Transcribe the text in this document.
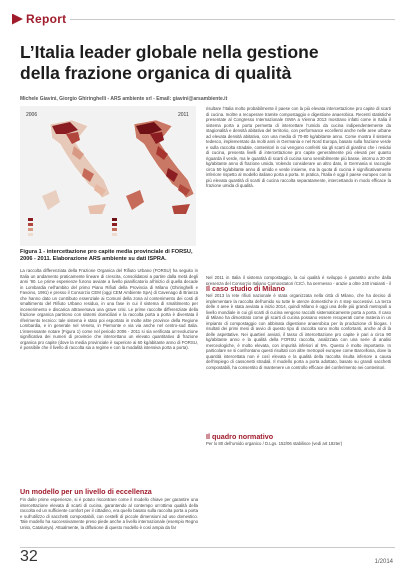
Report
L’Italia leader globale nella gestione
della frazione organica di qualità
Michele Giavini, Giorgio Ghiringhelli - ARS ambiente srl - Email: giavini@arsambiente.it
2006	2011
Figura 1 - intercettazione pro capite media provinciale di FORSU, 2006 - 2011. Elaborazione ARS ambiente su dati ISPRA.

La raccolta differenziata della Frazione Organica del Rifiuto Urbano (FORSU) ha seguito in Italia un andamento praticamente lineare di crescita, consolidatosi a partire dalla metà degli anni ’90. Le prime esperienze furono avviate a livello pianificatorio all’inizio di quella decade in Lombardia nell’ambito del primo Piano Rifiuti della Provincia di Milano (Ghiringhelli e Favoino, 1991) e presso il Consorzio CEM (oggi CEM Ambiente SpA) di Cavenago di Brianza che hanno dato un contributo essenziale ai Comuni della zona al contenimento dei costi di smaltimento del Rifiuto Urbano residuo, in una fase in cui il sistema di smaltimento per incenerimento e discarica attraversava una grave crisi. Le prime raccolte differenziate della frazione organica partirono con sistemi domiciliari e la raccolta porta a porta è diventata il riferimento tecnico: tale sistema è stato poi esportato in molte altre province della Regione Lombardia, e in generale nel Veneto, in Piemonte e via via anche nel centro-sud Italia. L’interessante notare (Figura 1) come nel periodo 2006 - 2011 si sia verificata un’evoluzione significativa dei numeri di provincie che intercettano un elevato quantitativo di frazione organica pro capite (dove la media provinciale è superiore ai 60 kg/abitante anno di FORSU, è possibile che il livello di raccolta sia a regime e con la modalità intensiva porta a porta).

Un modello per un livello di eccellenza

Fin dalle prime esperienze, si è potuto riscontrare come il modello chiave per garantire una intercettazione elevata di scarti di cucina, garantendo al contempo un’ottima qualità della raccolta ed un sufficiente comfort per il cittadino, era quello basato sulla raccolta porta a porta e sull’utilizzo di sacchetti compostabili, con cestelli di piccole dimensioni ad uso domestico. Tale modello ha successivamente preso piede anche a livello internazionale (esempio Regno Unito, Catalunya). Attualmente, la diffusione di questo modello è così ampia da far

risultare l’Italia molto probabilmente il paese con la più elevata intercettazione pro capite di scarti di cucina. Inoltre a recuperare tramite compostaggio e digestione anaerobica. Recenti statistiche presentate al Congresso Internazionale ISWA a Vienna 2013 mostrano infatti come in Italia il sistema porta a porta permetta di intercettare l’umido da cucina indipendentemente da stagionalità e densità abitativa del territorio, con performance eccellenti anche nelle aree urbane ad elevata densità abitativa, con una media di 70-80 kg/abitante anno. Come mostra il sistema tedesco, implementato da molti anni in Germania e nel Nord Europa, basato sulla frazione verde e sulla raccolta stradale, contenitori in cui vengono conferiti sia gli scarti di giardino che i residui di cucina, presenta livelli di intercettazione pro capite generalmente più elevati per quanto riguarda il verde, ma le quantità di scarti di cucina sono sensibilmente più basse, intorno a 20-30 kg/abitante anno di frazione umida. Volendo considerare un altro dato, in Germania si raccoglie circa 50 kg/abitante anno di umido e verde insieme, ma la quota di cucina è significativamente inferiore rispetto al modello italiano porta a porta. In pratica, l’Italia è oggi il paese europeo con la più elevata quantità di scarti di cucina raccolta separatamente, intercettando in modo efficace la frazione umida di qualità.

Nel 2011 in Italia il sistema compostaggio, la cui qualità è sviluppo è garantito anche dalla presenza del Consorzio Italiano Compostatori (CIC), ha permesso - grazie a oltre 240 impianti - il

Il caso studio di Milano

Nel 2013 la rete rifiuti nazionale è stata organizzata nella città di Milano, che ha deciso di implementare la raccolta dell’umido su tutte le utenze domestiche in 4 step successivi. La terza delle 4 aree è stata avviata a inizio 2014, quindi Milano è oggi una delle più grandi metropoli a livello mondiale in cui gli scarti di cucina vengono raccolti sistematicamente porta a porta. Il caso di Milano ha dimostrato come gli scarti di cucina possano essere recuperati come materia in un impianto di compostaggio con abbinata digestione anaerobica per la produzione di biogas. I risultati dei primi mesi di avvio di questo tipo di raccolta sono molto confortanti, anche al di là delle aspettative. Nei quartieri avviati, il tasso di intercettazione pro capite è pari a circa 90 kg/abitante anno e la qualità della FORSU raccolta, analizzata con una serie di analisi merceologiche, è molto elevata, con impurità inferiori al 5%. Questo è molto importante. In particolare se si confrontano questi risultati con altre metropoli europee come Barcellona, dove la quantità intercettata non è così elevata e la qualità della raccolta risulta inferiore a causa dell’impiego di cassonetti stradali. Il modello porta a porta adottato, basato su grandi sacchetti compostabili, ha consentito di mantenere un controllo efficace del conferimento nei contenitori.

Il quadro normativo

Per lo 80 dell’umido organico / D.Lgs. 152/06 stabilisce (vedi art 182ter)

32	1/2014
